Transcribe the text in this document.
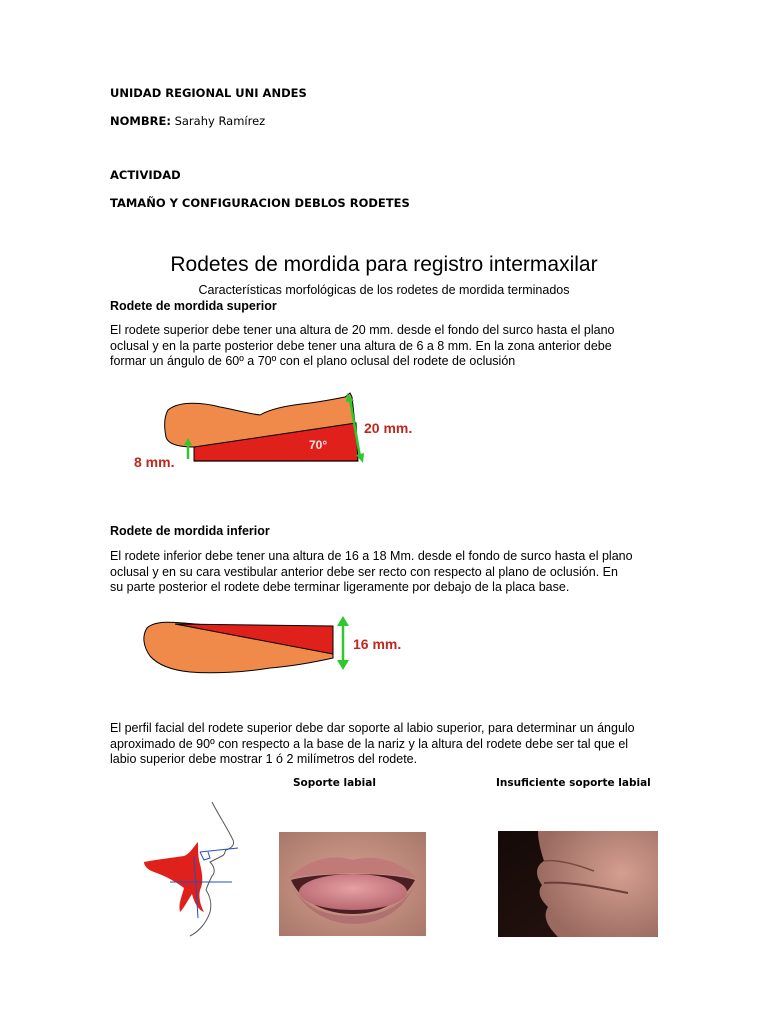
UNIDAD REGIONAL UNI ANDES
NOMBRE: Sarahy Ramírez
ACTIVIDAD
TAMAÑO Y CONFIGURACION DEBLOS RODETES
Rodetes de mordida para registro intermaxilar
Características morfológicas de los rodetes de mordida terminados
Rodete de mordida superior
El rodete superior debe tener una altura de 20 mm. desde el fondo del surco hasta el plano
oclusal y en la parte posterior debe tener una altura de 6 a 8 mm. En la zona anterior debe
formar un ángulo de 60º a 70º con el plano oclusal del rodete de oclusión
20 mm.
70°
8 mm.
Rodete de mordida inferior
El rodete inferior debe tener una altura de 16 a 18 Mm. desde el fondo de surco hasta el plano
oclusal y en su cara vestibular anterior debe ser recto con respecto al plano de oclusión. En
su parte posterior el rodete debe terminar ligeramente por debajo de la placa base.
16 mm.
El perfil facial del rodete superior debe dar soporte al labio superior, para determinar un ángulo
aproximado de 90º con respecto a la base de la nariz y la altura del rodete debe ser tal que el
labio superior debe mostrar 1 ó 2 milímetros del rodete.
Soporte labial	Insuficiente soporte labial
